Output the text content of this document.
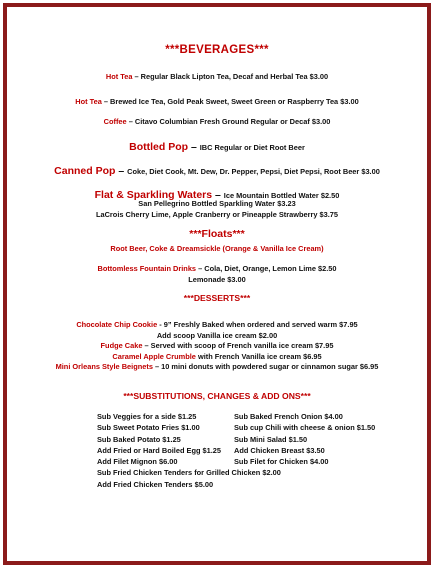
***BEVERAGES***
Hot Tea – Regular Black Lipton Tea, Decaf and Herbal Tea $3.00
Hot Tea – Brewed Ice Tea, Gold Peak Sweet, Sweet Green or Raspberry Tea $3.00
Coffee – Citavo Columbian Fresh Ground Regular or Decaf $3.00
Bottled Pop – IBC Regular or Diet Root Beer
Canned Pop – Coke, Diet Cook, Mt. Dew, Dr. Pepper, Pepsi, Diet Pepsi, Root Beer $3.00
Flat & Sparkling Waters – Ice Mountain Bottled Water $2.50
San Pellegrino Bottled Sparkling Water $3.23
LaCrois Cherry Lime, Apple Cranberry or Pineapple Strawberry $3.75
***Floats***
Root Beer, Coke & Dreamsickle (Orange & Vanilla Ice Cream)
Bottomless Fountain Drinks – Cola, Diet, Orange, Lemon Lime $2.50
Lemonade $3.00
***DESSERTS***
Chocolate Chip Cookie - 9” Freshly Baked when ordered and served warm $7.95
Add scoop Vanilla ice cream $2.00
Fudge Cake – Served with scoop of French vanilla ice cream $7.95
Caramel Apple Crumble with French Vanilla ice cream $6.95
Mini Orleans Style Beignets – 10 mini donuts with powdered sugar or cinnamon sugar $6.95
***SUBSTITUTIONS, CHANGES & ADD ONS***
Sub Veggies for a side $1.25
Sub Sweet Potato Fries $1.00
Sub Baked Potato $1.25
Add Fried or Hard Boiled Egg $1.25
Add Filet Mignon $6.00
Sub Fried Chicken Tenders for Grilled Chicken $2.00
Add Fried Chicken Tenders $5.00
Sub Baked French Onion $4.00
Sub cup Chili with cheese & onion $1.50
Sub Mini Salad $1.50
Add Chicken Breast $3.50
Sub Filet for Chicken $4.00
